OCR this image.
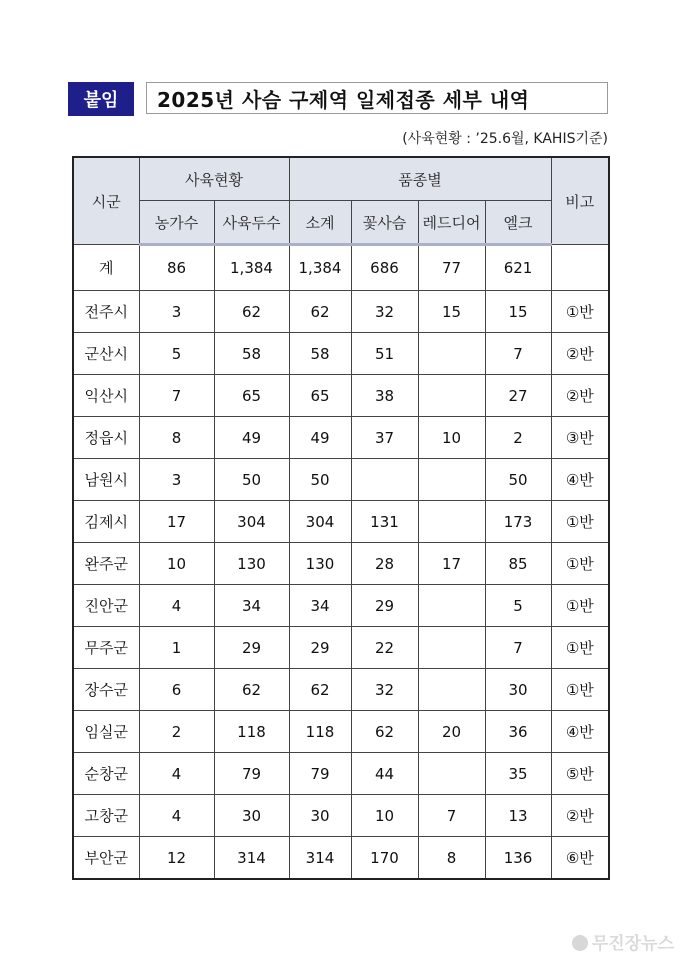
붙임	2025년 사슴 구제역 일제접종 세부 내역
(사육현황 : ’25.6월, KAHIS기준)
시군	사육현황		품종별				비고
	농가수	사육두수	소계	꽃사슴	레드디어	엘크	
계	86	1,384	1,384	686	77	621	
전주시	3	62	62	32	15	15	①반
군산시	5	58	58	51		7	②반
익산시	7	65	65	38		27	②반
정읍시	8	49	49	37	10	2	③반
남원시	3	50	50			50	④반
김제시	17	304	304	131		173	①반
완주군	10	130	130	28	17	85	①반
진안군	4	34	34	29		5	①반
무주군	1	29	29	22		7	①반
장수군	6	62	62	32		30	①반
임실군	2	118	118	62	20	36	④반
순창군	4	79	79	44		35	⑤반
고창군	4	30	30	10	7	13	②반
부안군	12	314	314	170	8	136	⑥반
무진장뉴스
